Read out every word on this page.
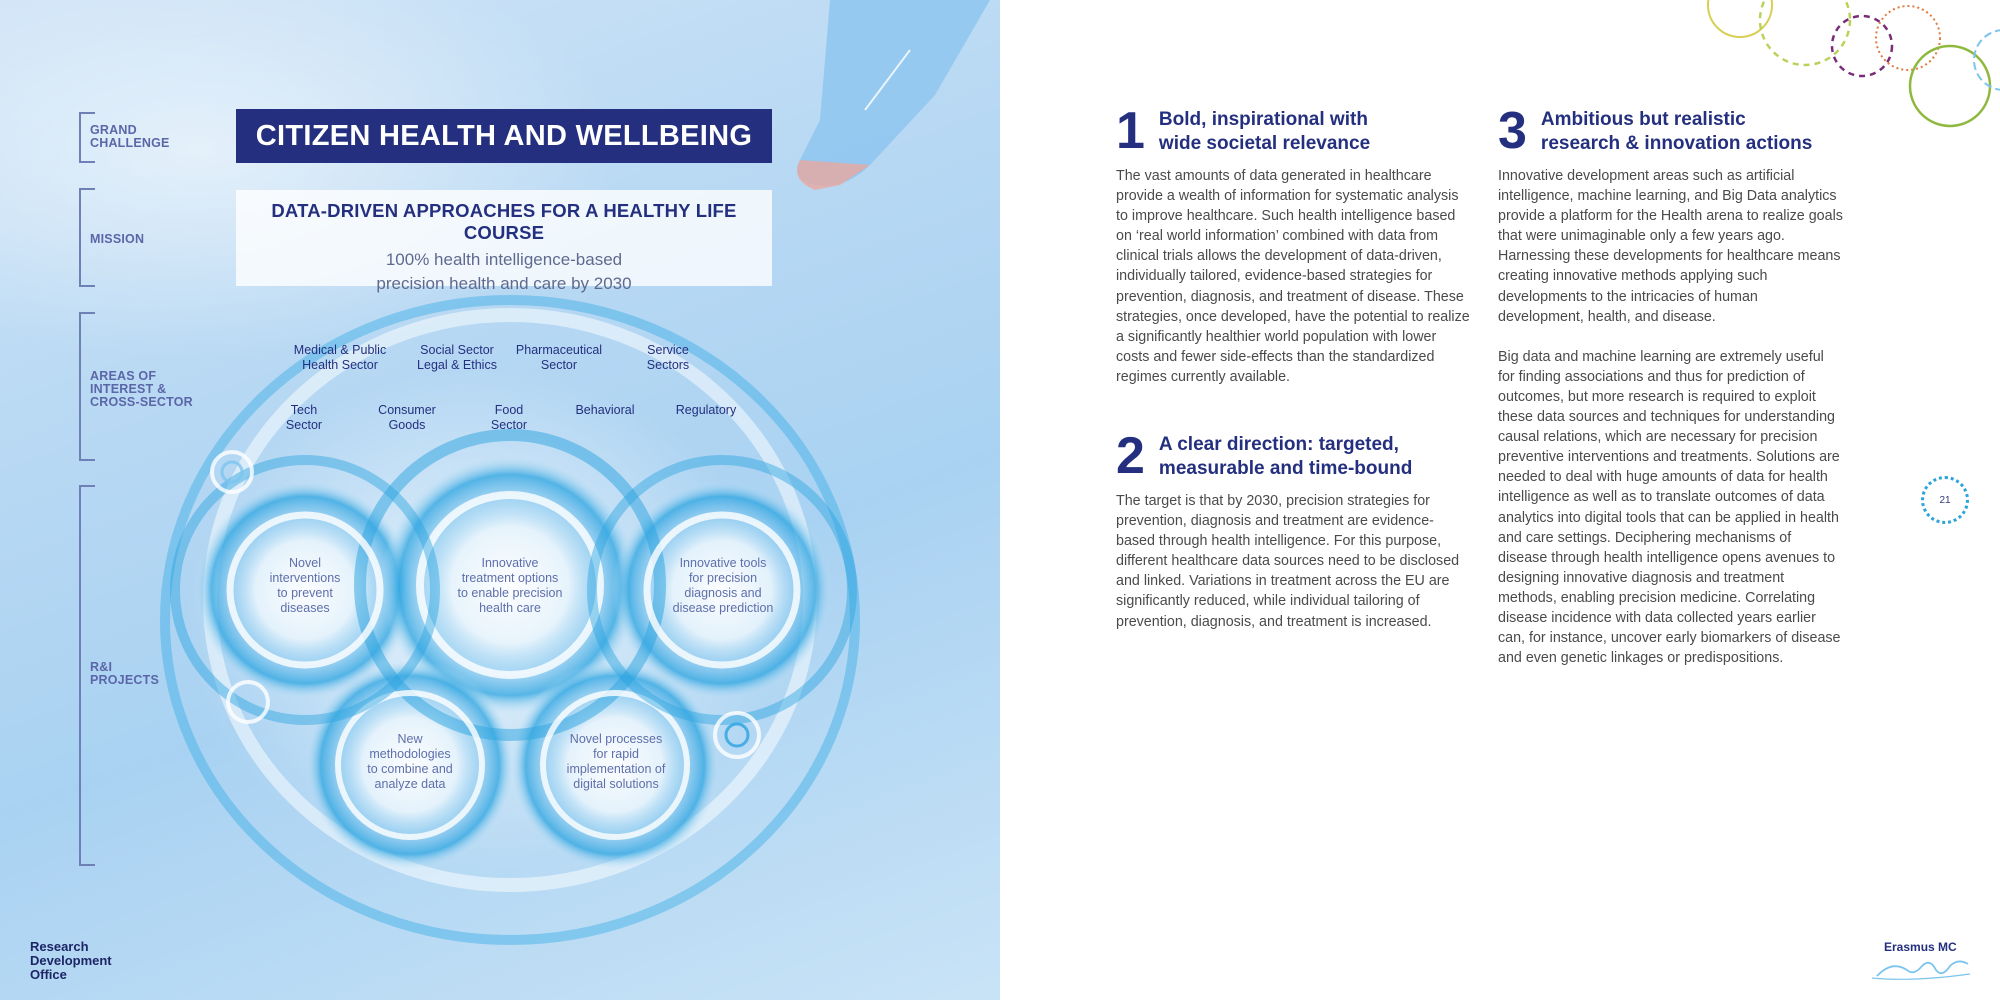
GRAND
CHALLENGE
MISSION
AREAS OF
INTEREST &
CROSS-SECTOR
R&I
PROJECTS
CITIZEN HEALTH AND WELLBEING
DATA-DRIVEN APPROACHES FOR A HEALTHY LIFE COURSE
100% health intelligence-based
precision health and care by 2030
Medical & Public
Health Sector
Social Sector
Legal & Ethics
Pharmaceutical
Sector
Service
Sectors
Tech
Sector
Consumer
Goods
Food
Sector
Behavioral	Regulatory
Novel
interventions
to prevent
diseases
Innovative
treatment options
to enable precision
health care
Innovative tools
for precision
diagnosis and
disease prediction
New
methodologies
to combine and
analyze data
Novel processes
for rapid
implementation of
digital solutions
Research
Development
Office
1 Bold, inspirational with
wide societal relevance

The vast amounts of data generated in healthcare provide a wealth of information for systematic analysis to improve healthcare. Such health intelligence based on ‘real world information’ combined with data from clinical trials allows the development of data-driven, individually tailored, evidence-based strategies for prevention, diagnosis, and treatment of disease. These strategies, once developed, have the potential to realize a significantly healthier world population with lower costs and fewer side-effects than the standardized regimes currently available.

2 A clear direction: targeted,
measurable and time-bound

The target is that by 2030, precision strategies for prevention, diagnosis and treatment are evidence-based through health intelligence. For this purpose, different healthcare data sources need to be disclosed and linked. Variations in treatment across the EU are significantly reduced, while individual tailoring of prevention, diagnosis, and treatment is increased.

3 Ambitious but realistic
research & innovation actions

Innovative development areas such as artificial intelligence, machine learning, and Big Data analytics provide a platform for the Health arena to realize goals that were unimaginable only a few years ago. Harnessing these developments for healthcare means creating innovative methods applying such developments to the intricacies of human development, health, and disease.

Big data and machine learning are extremely useful for finding associations and thus for prediction of outcomes, but more research is required to exploit these data sources and techniques for understanding causal relations, which are necessary for precision preventive interventions and treatments. Solutions are needed to deal with huge amounts of data for health intelligence as well as to translate outcomes of data analytics into digital tools that can be applied in health and care settings. Deciphering mechanisms of disease through health intelligence opens avenues to designing innovative diagnosis and treatment methods, enabling precision medicine. Correlating disease incidence with data collected years earlier can, for instance, uncover early biomarkers of disease and even genetic linkages or predispositions.

21
Erasmus MC
